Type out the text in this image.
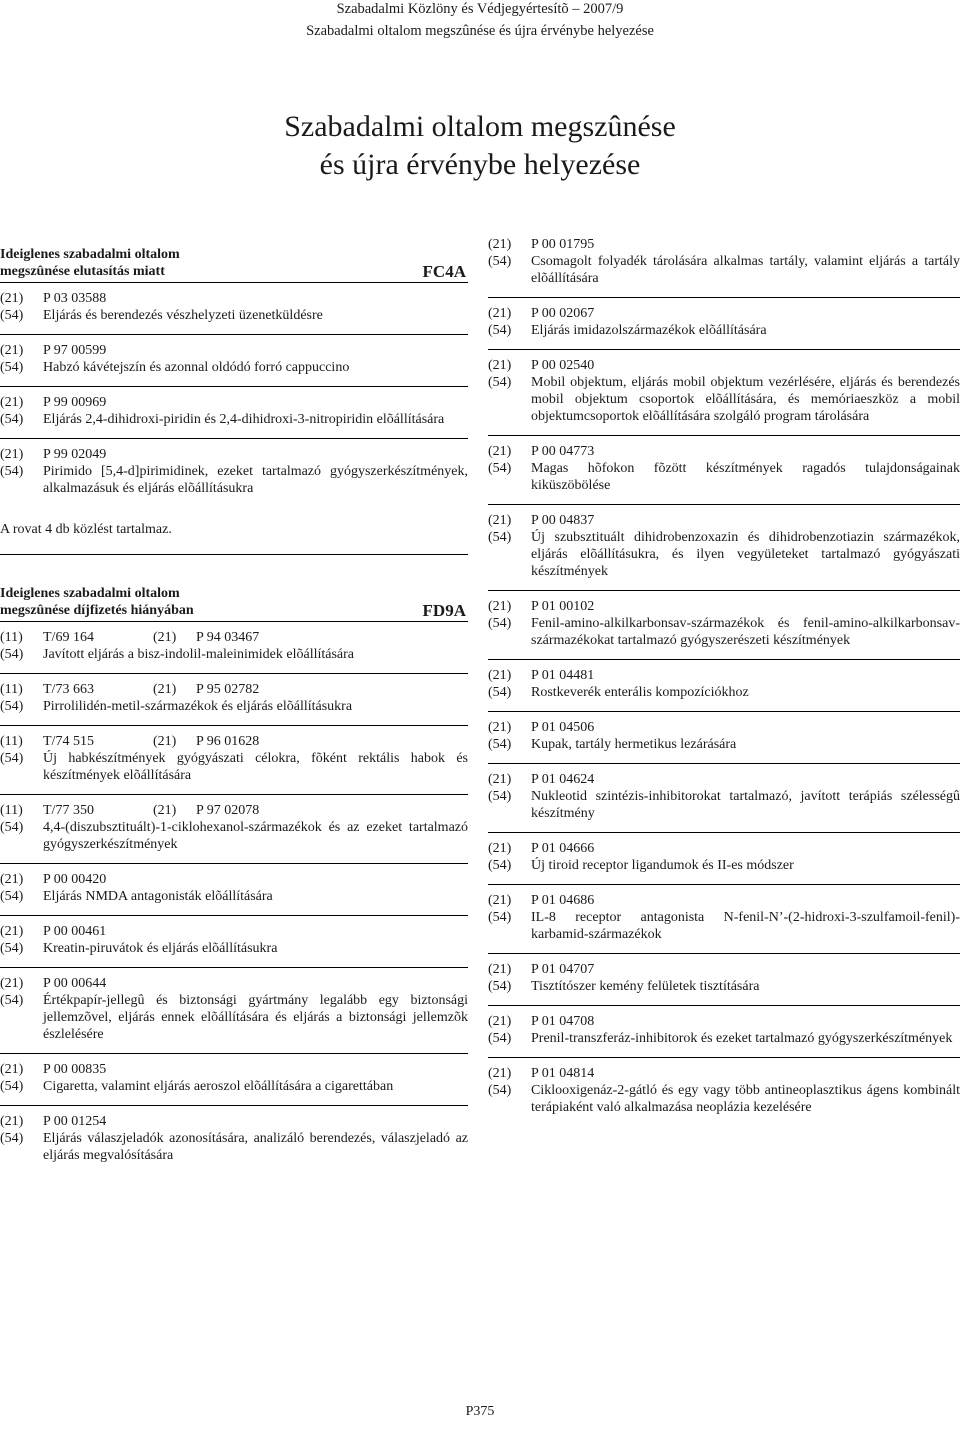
Szabadalmi Közlöny és Védjegyértesítõ – 2007/9
Szabadalmi oltalom megszûnése és újra érvénybe helyezése
Szabadalmi oltalom megszûnése
és újra érvénybe helyezése
Ideiglenes szabadalmi oltalom
megszûnése elutasítás miatt	FC4A
(21)	P 03 03588
(54)	Eljárás és berendezés vészhelyzeti üzenetküldésre
(21)	P 97 00599
(54)	Habzó kávétejszín és azonnal oldódó forró cappuccino
(21)	P 99 00969
(54)	Eljárás 2,4-dihidroxi-piridin és 2,4-dihidroxi-3-nitropiridin elõállítására
(21)	P 99 02049
(54)	Pirimido [5,4-d]pirimidinek, ezeket tartalmazó gyógyszerkészítmények, alkalmazásuk és eljárás elõállításukra
A rovat 4 db közlést tartalmaz.
Ideiglenes szabadalmi oltalom
megszûnése díjfizetés hiányában	FD9A
(11)	T/69 164	(21)	P 94 03467
(54)	Javított eljárás a bisz-indolil-maleinimidek elõállítására
(11)	T/73 663	(21)	P 95 02782
(54)	Pirrolilidén-metil-származékok és eljárás elõállításukra
(11)	T/74 515	(21)	P 96 01628
(54)	Új habkészítmények gyógyászati célokra, fõként rektális habok és készítmények elõállítására
(11)	T/77 350	(21)	P 97 02078
(54)	4,4-(diszubsztituált)-1-ciklohexanol-származékok és az ezeket tartalmazó gyógyszerkészítmények
(21)	P 00 00420
(54)	Eljárás NMDA antagonisták elõállítására
(21)	P 00 00461
(54)	Kreatin-piruvátok és eljárás elõállításukra
(21)	P 00 00644
(54)	Értékpapír-jellegû és biztonsági gyártmány legalább egy biztonsági jellemzõvel, eljárás ennek elõállítására és eljárás a biztonsági jellemzõk észlelésére
(21)	P 00 00835
(54)	Cigaretta, valamint eljárás aeroszol elõállítására a cigarettában
(21)	P 00 01254
(54)	Eljárás válaszjeladók azonosítására, analizáló berendezés, válaszjeladó az eljárás megvalósítására
(21)	P 00 01795
(54)	Csomagolt folyadék tárolására alkalmas tartály, valamint eljárás a tartály elõállítására
(21)	P 00 02067
(54)	Eljárás imidazolszármazékok elõállítására
(21)	P 00 02540
(54)	Mobil objektum, eljárás mobil objektum vezérlésére, eljárás és berendezés mobil objektum csoportok elõállítására, és memóriaeszköz a mobil objektumcsoportok elõállítására szolgáló program tárolására
(21)	P 00 04773
(54)	Magas hõfokon fõzött készítmények ragadós tulajdonságainak kiküszöbölése
(21)	P 00 04837
(54)	Új szubsztituált dihidrobenzoxazin és dihidrobenzotiazin származékok, eljárás elõállításukra, és ilyen vegyületeket tartalmazó gyógyászati készítmények
(21)	P 01 00102
(54)	Fenil-amino-alkilkarbonsav-származékok és fenil-amino-alkilkarbonsav-származékokat tartalmazó gyógyszerészeti készítmények
(21)	P 01 04481
(54)	Rostkeverék enterális kompozíciókhoz
(21)	P 01 04506
(54)	Kupak, tartály hermetikus lezárására
(21)	P 01 04624
(54)	Nukleotid szintézis-inhibitorokat tartalmazó, javított terápiás szélességû készítmény
(21)	P 01 04666
(54)	Új tiroid receptor ligandumok és II-es módszer
(21)	P 01 04686
(54)	IL-8 receptor antagonista N-fenil-N’-(2-hidroxi-3-szulfamoil-fenil)-karbamid-származékok
(21)	P 01 04707
(54)	Tisztítószer kemény felületek tisztítására
(21)	P 01 04708
(54)	Prenil-transzferáz-inhibitorok és ezeket tartalmazó gyógyszerkészítmények
(21)	P 01 04814
(54)	Ciklooxigenáz-2-gátló és egy vagy több antineoplasztikus ágens kombinált terápiaként való alkalmazása neoplázia kezelésére
P375
